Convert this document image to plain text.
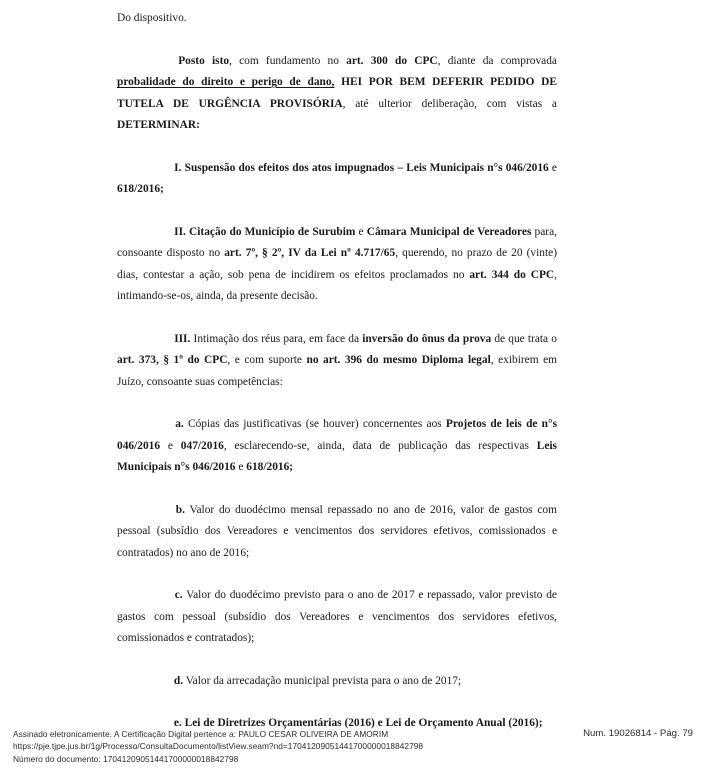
Do dispositivo.

Posto isto, com fundamento no art. 300 do CPC, diante da comprovada probalidade do direito e perigo de dano, HEI POR BEM DEFERIR PEDIDO DE TUTELA DE URGÊNCIA PROVISÓRIA, até ulterior deliberação, com vistas a DETERMINAR:

I. Suspensão dos efeitos dos atos impugnados – Leis Municipais n°s 046/2016 e 618/2016;

II. Citação do Município de Surubim e Câmara Municipal de Vereadores para, consoante disposto no art. 7º, § 2º, IV da Lei nº 4.717/65, querendo, no prazo de 20 (vinte) dias, contestar a ação, sob pena de incidirem os efeitos proclamados no art. 344 do CPC, intimando-se-os, ainda, da presente decisão.

III. Intimação dos réus para, em face da inversão do ônus da prova de que trata o art. 373, § 1º do CPC, e com suporte no art. 396 do mesmo Diploma legal, exibirem em Juízo, consoante suas competências:

a. Cópias das justificativas (se houver) concernentes aos Projetos de leis de n°s 046/2016 e 047/2016, esclarecendo-se, ainda, data de publicação das respectivas Leis Municipais n°s 046/2016 e 618/2016;

b. Valor do duodécimo mensal repassado no ano de 2016, valor de gastos com pessoal (subsídio dos Vereadores e vencimentos dos servidores efetivos, comissionados e contratados) no ano de 2016;

c. Valor do duodécimo previsto para o ano de 2017 e repassado, valor previsto de gastos com pessoal (subsídio dos Vereadores e vencimentos dos servidores efetivos, comissionados e contratados);

d. Valor da arrecadação municipal prevista para o ano de 2017;

e. Lei de Diretrizes Orçamentárias (2016) e Lei de Orçamento Anual (2016);

Assinado eletronicamente. A Certificação Digital pertence a: PAULO CESAR OLIVEIRA DE AMORIM
https://pje.tjpe.jus.br/1g/Processo/ConsultaDocumento/listView.seam?nd=17041209051441700000018842798
Número do documento: 17041209051441700000018842798
Num. 19026814 - Pág. 79
